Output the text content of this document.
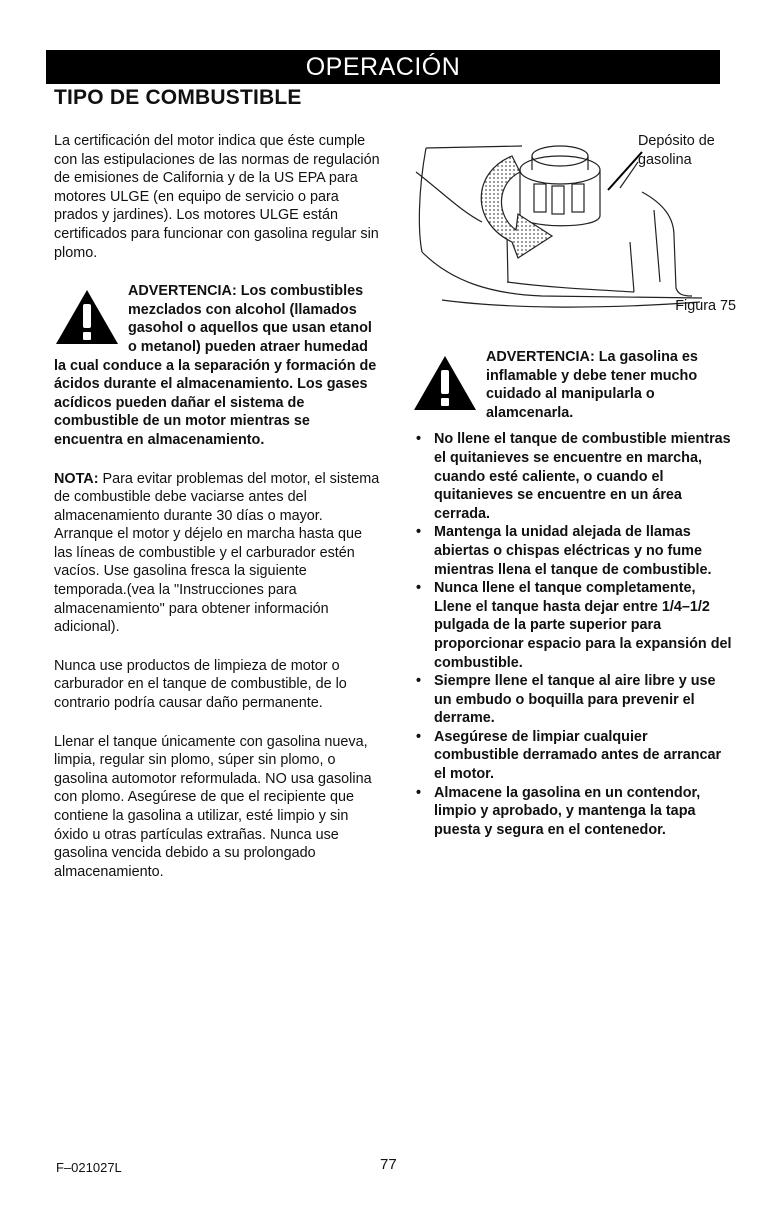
OPERACIÓN
TIPO DE COMBUSTIBLE

La certificación del motor indica que éste cumple con las estipulaciones de las normas de regulación de emisiones de California y de la US EPA para motores ULGE (en equipo de servicio o para prados y jardines). Los motores ULGE están certificados para funcionar con gasolina regular sin plomo.

ADVERTENCIA: Los combustibles mezclados con alcohol (llamados gasohol o aquellos que usan etanol o metanol) pueden atraer humedad la cual conduce a la separación y formación de ácidos durante el almacenamiento. Los gases acídicos pueden dañar el sistema de combustible de un motor mientras se encuentra en almacenamiento.

NOTA: Para evitar problemas del motor, el sistema de combustible debe vaciarse antes del almacenamiento durante 30 días o mayor. Arranque el motor y déjelo en marcha hasta que las líneas de combustible y el carburador estén vacíos. Use gasolina fresca la siguiente temporada.(vea la "Instrucciones para almacenamiento" para obtener información adicional).

Nunca use productos de limpieza de motor o carburador en el tanque de combustible, de lo contrario podría causar daño permanente.

Llenar el tanque únicamente con gasolina nueva, limpia, regular sin plomo, súper sin plomo, o gasolina automotor reformulada. NO usa gasolina con plomo. Asegúrese de que el recipiente que contiene la gasolina a utilizar, esté limpio y sin óxido u otras partículas extrañas. Nunca use gasolina vencida debido a su prolongado almacenamiento.

Depósito de gasolina
Figura 75
ADVERTENCIA: La gasolina es inflamable y debe tener mucho cuidado al manipularla o alamcenarla.
• No llene el tanque de combustible mientras el quitanieves se encuentre en marcha, cuando esté caliente, o cuando el quitanieves se encuentre en un área cerrada.
• Mantenga la unidad alejada de llamas abiertas o chispas eléctricas y no fume mientras llena el tanque de combustible.
• Nunca llene el tanque completamente, Llene el tanque hasta dejar entre 1/4–1/2 pulgada de la parte superior para proporcionar espacio para la expansión del combustible.
• Siempre llene el tanque al aire libre y use un embudo o boquilla para prevenir el derrame.
• Asegúrese de limpiar cualquier combustible derramado antes de arrancar el motor.
• Almacene la gasolina en un contendor, limpio y aprobado, y mantenga la tapa puesta y segura en el contenedor.
F–021027L	77
